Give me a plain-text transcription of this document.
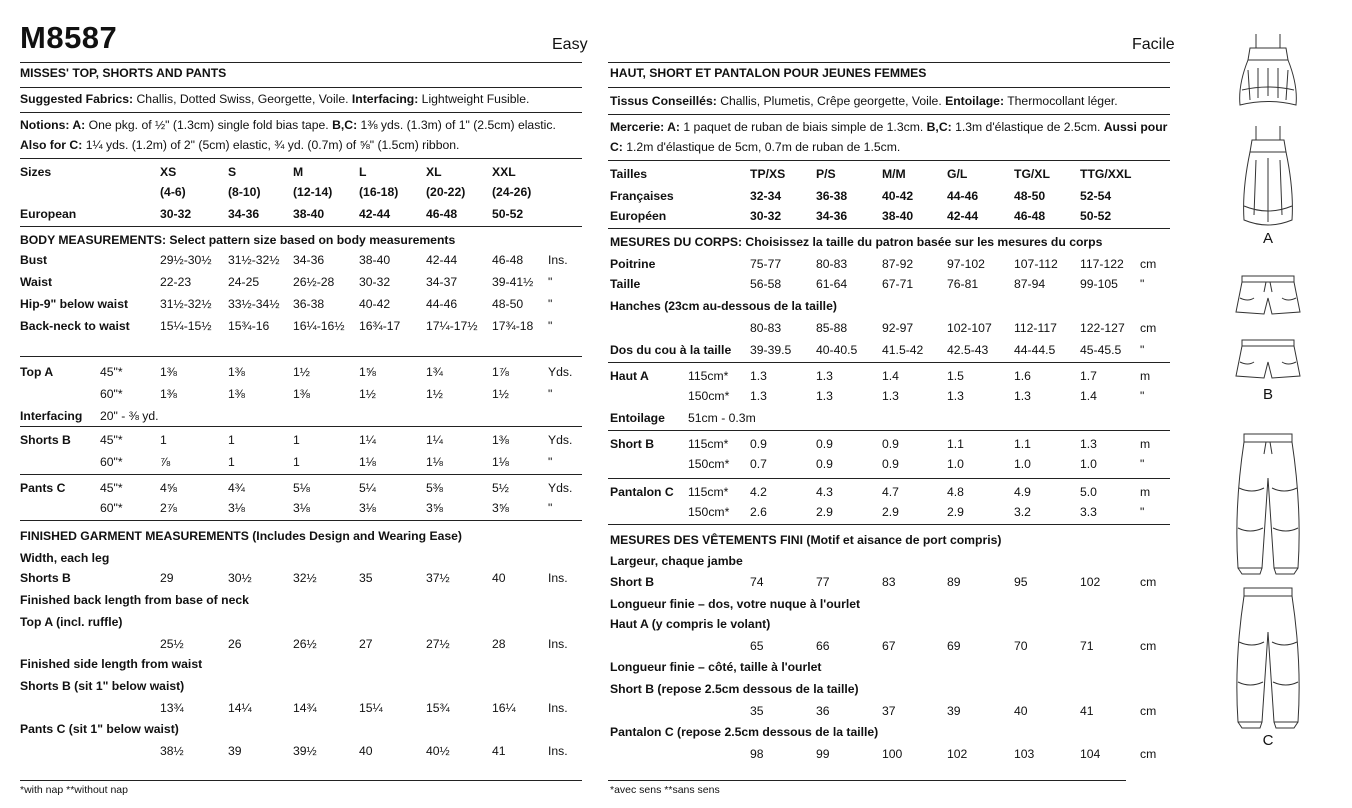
M8587	Easy
MISSES' TOP, SHORTS AND PANTS
Suggested Fabrics: Challis, Dotted Swiss, Georgette, Voile. Interfacing: Lightweight Fusible.
Notions: A: One pkg. of ½" (1.3cm) single fold bias tape. B,C: 1⅜ yds. (1.3m) of 1" (2.5cm) elastic.
Also for C: 1¼ yds. (1.2m) of 2" (5cm) elastic, ¾ yd. (0.7m) of ⅝" (1.5cm) ribbon.
Sizes	XS	S	M	L	XL	XXL
(4-6)	(8-10)	(12-14) (16-18) (20-22) (24-26)
European	30-32	34-36	38-40	42-44	46-48	50-52
BODY MEASUREMENTS: Select pattern size based on body measurements
Bust	29½-30½ 31½-32½ 34-36	38-40	42-44	46-48 Ins.
Waist	22-23	24-25	26½-28 30-32	34-37	39-41½ "
Hip-9" below waist	31½-32½ 33½-34½ 36-38	40-42	44-46	48-50 "
Back-neck to waist 15¼-15½ 15¾-16 16¼-16½ 16¾-17 17¼-17½ 17¾-18 "
Top A	45"*	1⅜	1⅜	1½	1⅝	1¾	1⅞	Yds.
60"*	1⅜	1⅜	1⅜	1½	1½	1½	"
Interfacing 20" - ⅜ yd.
Shorts B 45"*	1	1	1	1¼	1¼	1⅜	Yds.
60"*	⅞	1	1	1⅛	1⅛	1⅛	"
Pants C	45"*	4⅝	4¾	5⅛	5¼	5⅜	5½	Yds.
60"*	2⅞	3⅛	3⅛	3⅛	3⅝	3⅝	"
FINISHED GARMENT MEASUREMENTS (Includes Design and Wearing Ease)
Width, each leg
Shorts B	29	30½	32½	35	37½	40	Ins.
Finished back length from base of neck
Top A (incl. ruffle)
25½	26	26½	27	27½	28	Ins.
Finished side length from waist
Shorts B (sit 1" below waist)
13¾	14¼	14¾	15¼	15¾	16¼	Ins.
Pants C (sit 1" below waist)
38½	39	39½	40	40½	41	Ins.
*with nap **without nap
Facile
HAUT, SHORT ET PANTALON POUR JEUNES FEMMES
Tissus Conseillés: Challis, Plumetis, Crêpe georgette, Voile. Entoilage: Thermocollant léger.
Mercerie: A: 1 paquet de ruban de biais simple de 1.3cm. B,C: 1.3m d'élastique de 2.5cm. Aussi pour
C: 1.2m d'élastique de 5cm, 0.7m de ruban de 1.5cm.
Tailles	TP/XS	P/S	M/M	G/L	TG/XL TTG/XXL
Françaises	32-34	36-38	40-42	44-46	48-50	52-54
Européen	30-32	34-36	38-40	42-44	46-48	50-52
MESURES DU CORPS: Choisissez la taille du patron basée sur les mesures du corps
Poitrine	75-77	80-83	87-92	97-102 107-112 117-122 cm
Taille	56-58	61-64	67-71	76-81	87-94	99-105 "
Hanches (23cm au-dessous de la taille)
80-83	85-88	92-97	102-107 112-117 122-127 cm
Dos du cou à la taille 39-39.5 40-40.5 41.5-42 42.5-43 44-44.5 45-45.5 "
Haut A	115cm* 1.3	1.3	1.4	1.5	1.6	1.7	m
150cm* 1.3	1.3	1.3	1.3	1.3	1.4	"
Entoilage 51cm - 0.3m
Short B	115cm* 0.9	0.9	0.9	1.1	1.1	1.3	m
150cm* 0.7	0.9	0.9	1.0	1.0	1.0	"
Pantalon C 115cm* 4.2	4.3	4.7	4.8	4.9	5.0	m
150cm* 2.6	2.9	2.9	2.9	3.2	3.3	"
MESURES DES VÊTEMENTS FINI (Motif et aisance de port compris)
Largeur, chaque jambe
Short B	74	77	83	89	95	102	cm
Longueur finie – dos, votre nuque à l'ourlet
Haut A (y compris le volant)
65	66	67	69	70	71	cm
Longueur finie – côté, taille à l'ourlet
Short B (repose 2.5cm dessous de la taille)
35	36	37	39	40	41	cm
Pantalon C (repose 2.5cm dessous de la taille)
98	99	100	102	103	104	cm
*avec sens **sans sens
A
B
C
